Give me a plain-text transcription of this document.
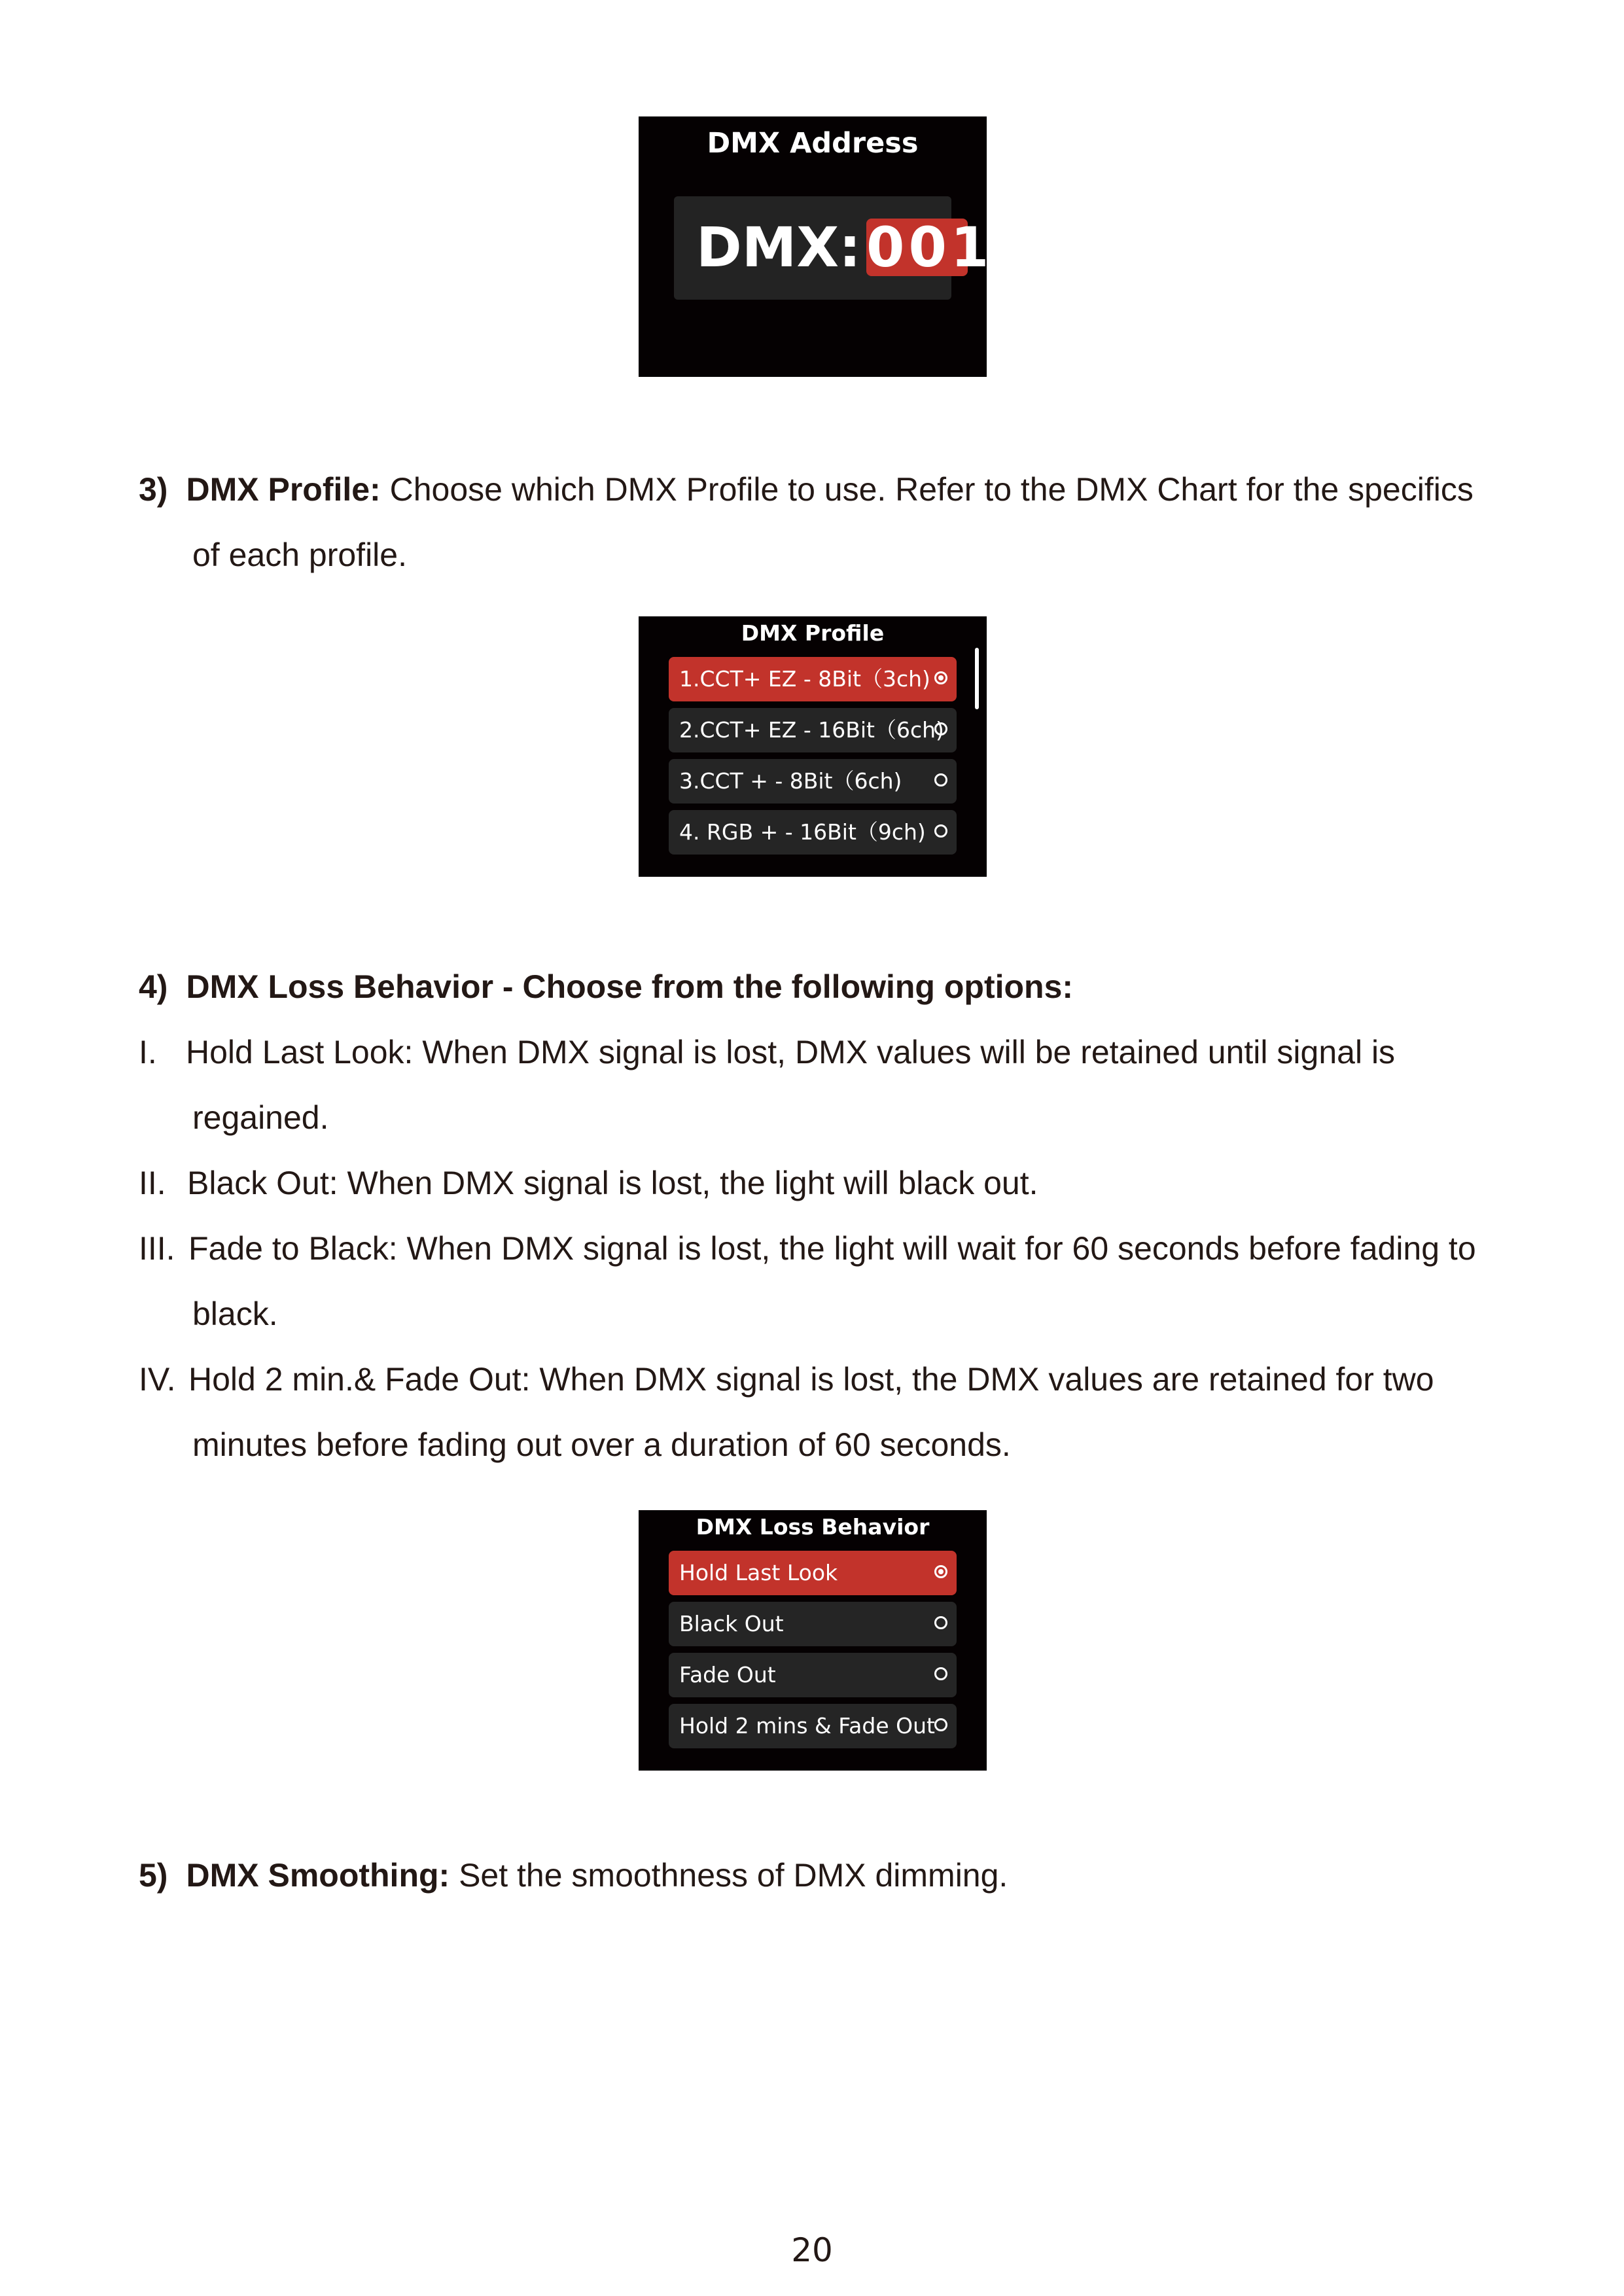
DMX Address
DMX: 001
3) DMX Profile: Choose which DMX Profile to use. Refer to the DMX Chart for the specifics
of each profile.
DMX Profile
1.CCT+ EZ - 8Bit（3ch)
2.CCT+ EZ - 16Bit（6ch)
3.CCT + - 8Bit（6ch)
4. RGB + - 16Bit（9ch)
4) DMX Loss Behavior - Choose from the following options:
I. Hold Last Look: When DMX signal is lost, DMX values will be retained until signal is
regained.
II. Black Out: When DMX signal is lost, the light will black out.
III. Fade to Black: When DMX signal is lost, the light will wait for 60 seconds before fading to
black.
IV. Hold 2 min.& Fade Out: When DMX signal is lost, the DMX values are retained for two
minutes before fading out over a duration of 60 seconds.
DMX Loss Behavior
Hold Last Look
Black Out
Fade Out
Hold 2 mins & Fade Out
5) DMX Smoothing: Set the smoothness of DMX dimming.
20
